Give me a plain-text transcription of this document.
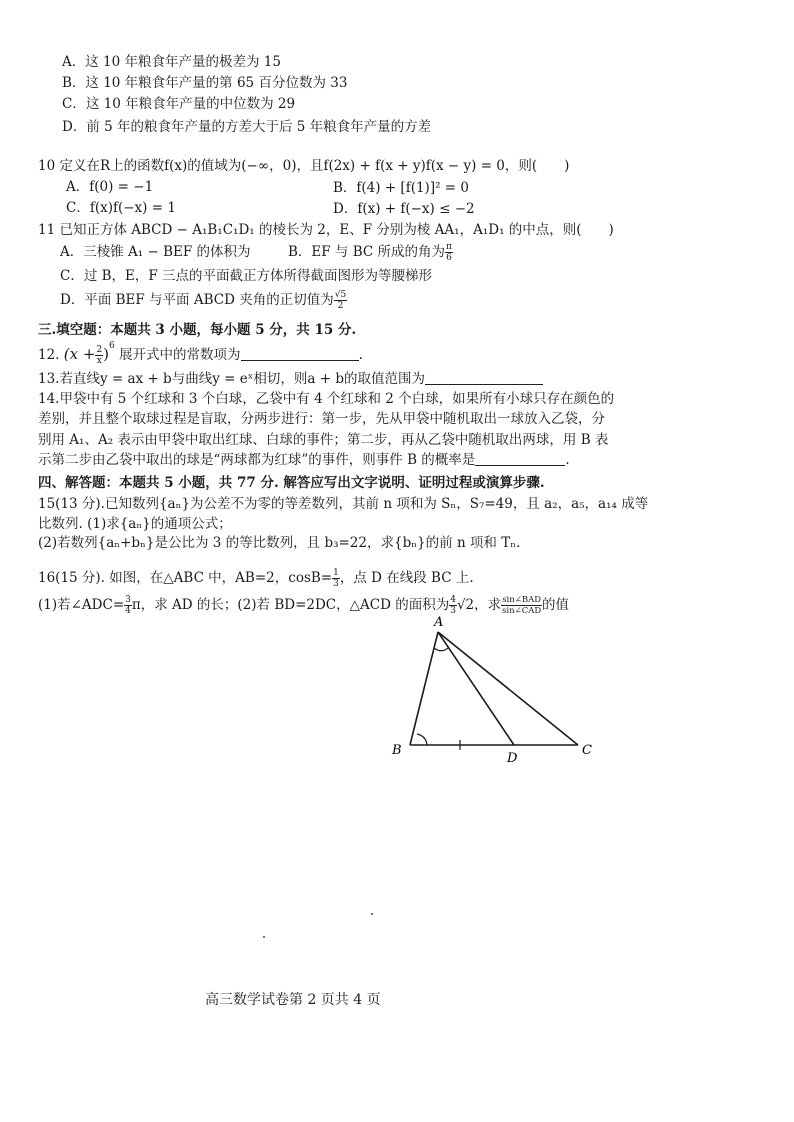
A．这 10 年粮食年产量的极差为 15
B．这 10 年粮食年产量的第 65 百分位数为 33
C．这 10 年粮食年产量的中位数为 29
D．前 5 年的粮食年产量的方差大于后 5 年粮食年产量的方差
10 定义在R上的函数f(x)的值域为(−∞，0)，且f(2x) + f(x + y)f(x − y) = 0，则(　　)
A．f(0) = −1	B．f(4) + [f(1)]² = 0
C．f(x)f(−x) = 1	D．f(x) + f(−x) ≤ −2
11 已知正方体 ABCD − A₁B₁C₁D₁ 的棱长为 2，E、F 分别为棱 AA₁，A₁D₁ 的中点，则(　　)
A．三棱锥 A₁ − BEF 的体积为	B．EF 与 BC 所成的角为 $\frac{\pi}{6}$
C．过 B，E，F 三点的平面截正方体所得截面图形为等腰梯形
D．平面 BEF 与平面 ABCD 夹角的正切值为 $\frac{√5}{2}$
三.填空题：本题共 3 小题，每小题 5 分，共 15 分.
12. $(x + \frac{2}{x} )^6$ 展开式中的常数项为	.
13.若直线y = ax + b与曲线y = eˣ相切，则a + b的取值范围为
14.甲袋中有 5 个红球和 3 个白球，乙袋中有 4 个红球和 2 个白球，如果所有小球只存在颜色的
差别，并且整个取球过程是盲取，分两步进行：第一步，先从甲袋中随机取出一球放入乙袋，分
别用 A₁、A₂ 表示由甲袋中取出红球、白球的事件；第二步，再从乙袋中随机取出两球，用 B 表
示第二步由乙袋中取出的球是“两球都为红球”的事件，则事件 B 的概率是	.
四、解答题：本题共 5 小题，共 77 分. 解答应写出文字说明、证明过程或演算步骤.
15(13 分).已知数列{aₙ}为公差不为零的等差数列，其前 n 项和为 Sₙ，S₇=49，且 a₂，a₅，a₁₄ 成等
比数列. (1)求{aₙ}的通项公式；
(2)若数列{aₙ+bₙ}是公比为 3 的等比数列，且 b₃=22，求{bₙ}的前 n 项和 Tₙ.
16(15 分). 如图，在△ABC 中，AB=2，$\cos B= \frac{1}{3}$ ，点 D 在线段 BC 上.
(1)若∠ADC= $\frac{3}{4}$ π，求 AD 的长；(2)若 BD=2DC，△ACD 的面积为 $\frac{4}{3} √2$，求 $\frac{\text{sin∠BAD}}{\text{sin∠CAD}}$ 的值
A
B
D
C
高三数学试卷第 2 页共 4 页
